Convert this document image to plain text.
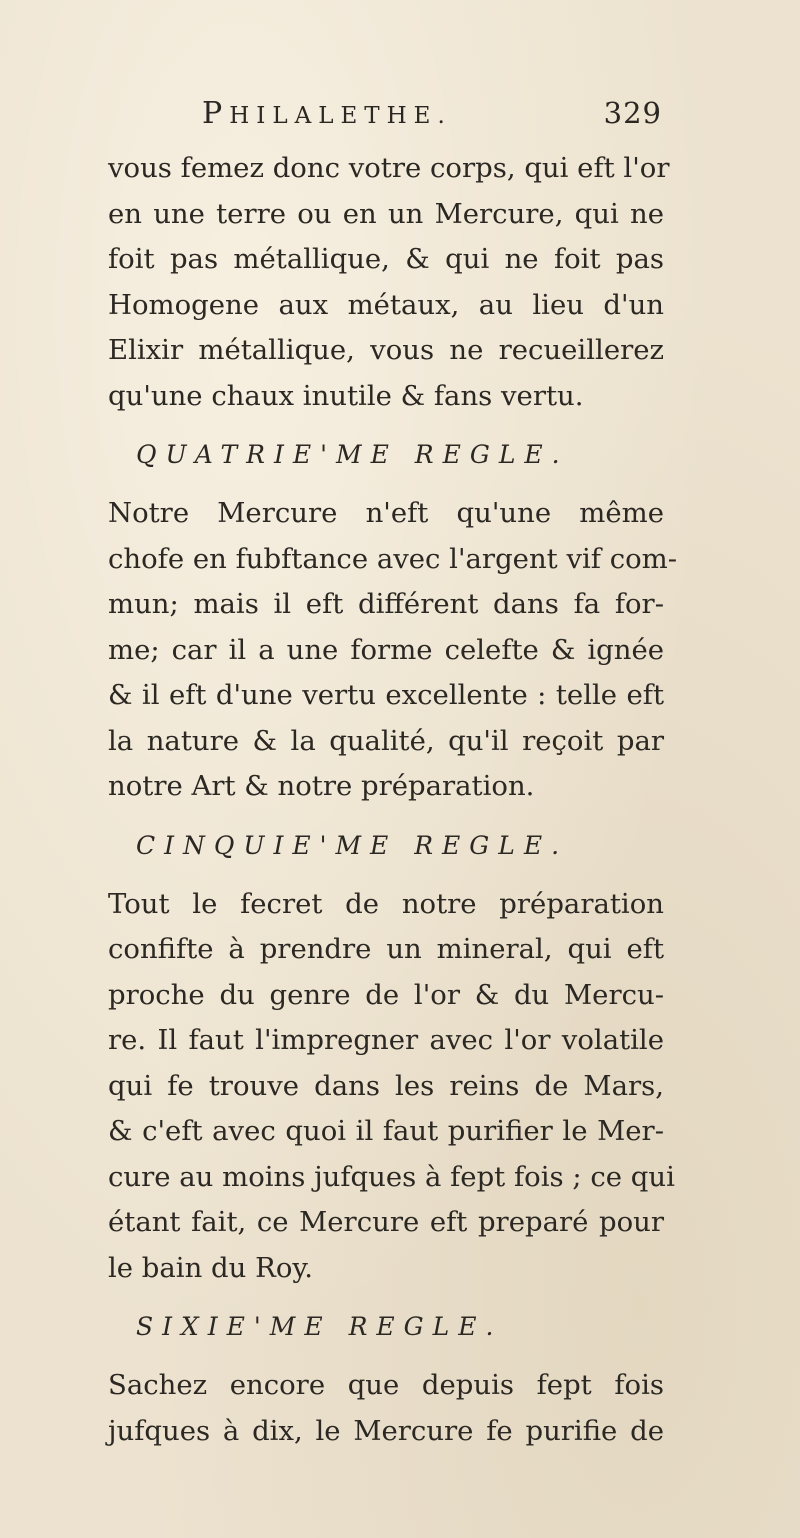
PHILALETHE.	329
vous femez donc votre corps, qui eft l'or
en une terre ou en un Mercure, qui ne
foit pas métallique, & qui ne foit pas
Homogene aux métaux, au lieu d'un
Elixir métallique, vous ne recueillerez
qu'une chaux inutile & fans vertu.
QUATRIE'ME REGLE.
Notre Mercure n'eft qu'une même
chofe en fubftance avec l'argent vif com-
mun; mais il eft différent dans fa for-
me; car il a une forme celefte & ignée
& il eft d'une vertu excellente : telle eft
la nature & la qualité, qu'il reçoit par
notre Art & notre préparation.
CINQUIE'ME REGLE.
Tout le fecret de notre préparation
confifte à prendre un mineral, qui eft
proche du genre de l'or & du Mercu-
re. Il faut l'impregner avec l'or volatile
qui fe trouve dans les reins de Mars,
& c'eft avec quoi il faut purifier le Mer-
cure au moins jufques à fept fois ; ce qui
étant fait, ce Mercure eft preparé pour
le bain du Roy.
SIXIE'ME REGLE.
Sachez encore que depuis fept fois
jufques à dix, le Mercure fe purifie de
